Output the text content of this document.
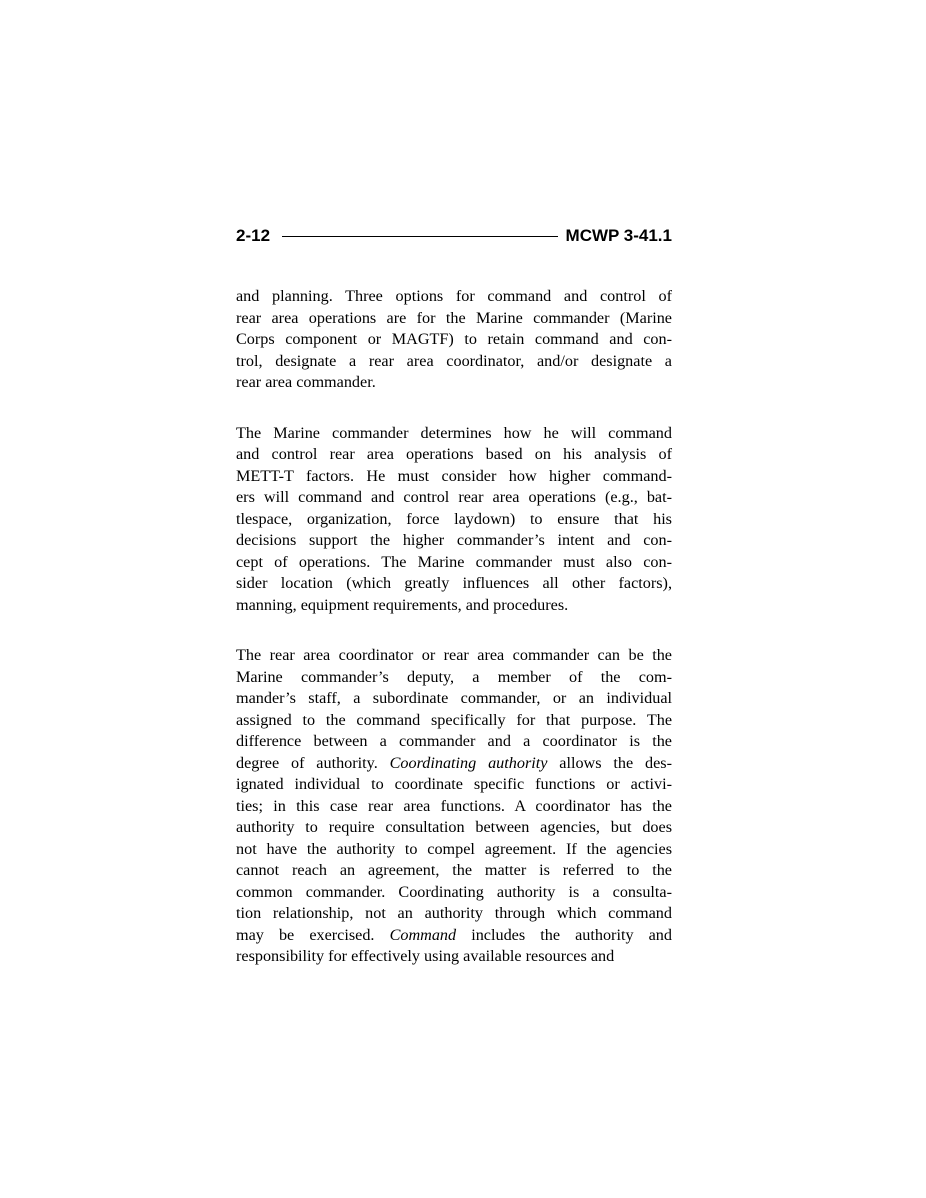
2-12	MCWP 3-41.1
and planning. Three options for command and control of
rear area operations are for the Marine commander (Marine
Corps component or MAGTF) to retain command and con-
trol, designate a rear area coordinator, and/or designate a
rear area commander.
The Marine commander determines how he will command
and control rear area operations based on his analysis of
METT-T factors. He must consider how higher command-
ers will command and control rear area operations (e.g., bat-
tlespace, organization, force laydown) to ensure that his
decisions support the higher commander’s intent and con-
cept of operations. The Marine commander must also con-
sider location (which greatly influences all other factors),
manning, equipment requirements, and procedures.
The rear area coordinator or rear area commander can be the
Marine commander’s deputy, a member of the com-
mander’s staff, a subordinate commander, or an individual
assigned to the command specifically for that purpose. The
difference between a commander and a coordinator is the
degree of authority. Coordinating authority allows the des-
ignated individual to coordinate specific functions or activi-
ties; in this case rear area functions. A coordinator has the
authority to require consultation between agencies, but does
not have the authority to compel agreement. If the agencies
cannot reach an agreement, the matter is referred to the
common commander. Coordinating authority is a consulta-
tion relationship, not an authority through which command
may be exercised. Command includes the authority and
responsibility for effectively using available resources and
